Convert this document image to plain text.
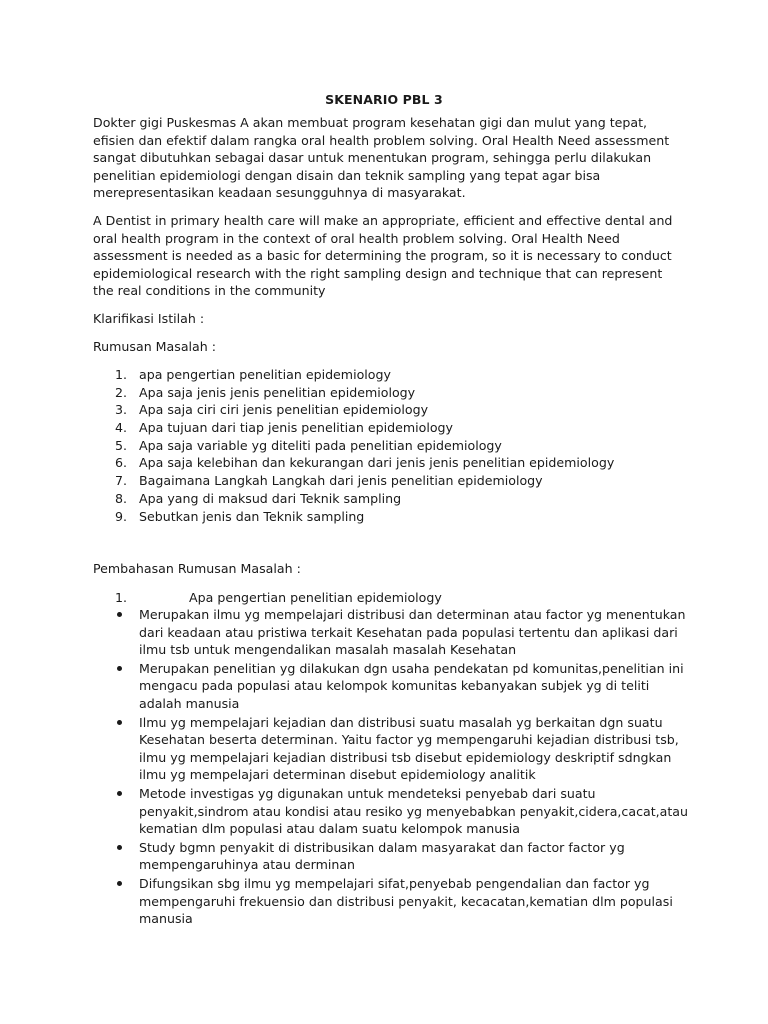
SKENARIO PBL 3

Dokter gigi Puskesmas A akan membuat program kesehatan gigi dan mulut yang tepat, efisien dan efektif dalam rangka oral health problem solving. Oral Health Need assessment sangat dibutuhkan sebagai dasar untuk menentukan program, sehingga perlu dilakukan penelitian epidemiologi dengan disain dan teknik sampling yang tepat agar bisa merepresentasikan keadaan sesungguhnya di masyarakat.

A Dentist in primary health care will make an appropriate, efficient and effective dental and oral health program in the context of oral health problem solving. Oral Health Need assessment is needed as a basic for determining the program, so it is necessary to conduct epidemiological research with the right sampling design and technique that can represent the real conditions in the community

Klarifikasi Istilah :

Rumusan Masalah :

1. apa pengertian penelitian epidemiology
2. Apa saja jenis jenis penelitian epidemiology
3. Apa saja ciri ciri jenis penelitian epidemiology
4. Apa tujuan dari tiap jenis penelitian epidemiology
5. Apa saja variable yg diteliti pada penelitian epidemiology
6. Apa saja kelebihan dan kekurangan dari jenis jenis penelitian epidemiology
7. Bagaimana Langkah Langkah dari jenis penelitian epidemiology
8. Apa yang di maksud dari Teknik sampling
9. Sebutkan jenis dan Teknik sampling

Pembahasan Rumusan Masalah :

1.	Apa pengertian penelitian epidemiology
Merupakan ilmu yg mempelajari distribusi dan determinan atau factor yg menentukan dari keadaan atau pristiwa terkait Kesehatan pada populasi tertentu dan aplikasi dari ilmu tsb untuk mengendalikan masalah masalah Kesehatan
Merupakan penelitian yg dilakukan dgn usaha pendekatan pd komunitas,penelitian ini mengacu pada populasi atau kelompok komunitas kebanyakan subjek yg di teliti adalah manusia
Ilmu yg mempelajari kejadian dan distribusi suatu masalah yg berkaitan dgn suatu Kesehatan beserta determinan. Yaitu factor yg mempengaruhi kejadian distribusi tsb, ilmu yg mempelajari kejadian distribusi tsb disebut epidemiology deskriptif sdngkan ilmu yg mempelajari determinan disebut epidemiology analitik
Metode investigas yg digunakan untuk mendeteksi penyebab dari suatu penyakit,sindrom atau kondisi atau resiko yg menyebabkan penyakit,cidera,cacat,atau kematian dlm populasi atau dalam suatu kelompok manusia
Study bgmn penyakit di distribusikan dalam masyarakat dan factor factor yg mempengaruhinya atau derminan
Difungsikan sbg ilmu yg mempelajari sifat,penyebab pengendalian dan factor yg mempengaruhi frekuensio dan distribusi penyakit, kecacatan,kematian dlm populasi manusia
